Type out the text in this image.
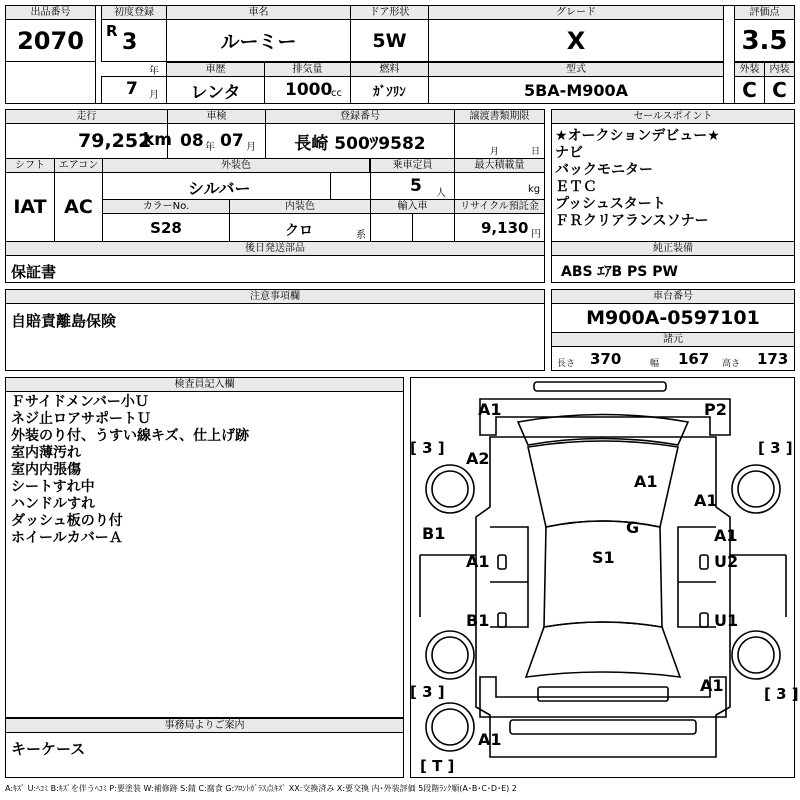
出品番号
2070
初度登録
R 3
年
7 月
車名
ルーミー
ドア形状
5W
グレード
X
評価点
3.5
車歴
レンタ
排気量
1000
cc
燃料
ｶﾞｿﾘﾝ
型式
5BA-M900A
外装	内装
C C
走行
79,252
km
車検
08 年 07 月
登録番号
長崎 500ﾂ9582
譲渡書類期限
月	日
シフト	エアコン
IAT AC
外装色
シルバー
乗車定員
5 人
最大積載量
kg
カラーNo.
S28
内装色
クロ	系
輸入車	リサイクル預託金
9,130 円
後日発送部品
保証書
セールスポイント
★オークションデビュー★
ナビ
バックモニター
ＥＴＣ
プッシュスタート
ＦＲクリアランスソナー
純正装備
ABS ｴｱB PS PW
注意事項欄
自賠責離島保険
車台番号
M900A-0597101
諸元
長さ 370	幅 167 高さ 173
検査員記入欄
Ｆサイドメンバー小Ｕ
ネジ止ロアサポートＵ
外装のり付、うすい線キズ、仕上げ跡
室内薄汚れ
室内内張傷
シートすれ中
ハンドルすれ
ダッシュ板のり付
ホイールカバーＡ
事務局よりご案内
キーケース
[ 3 ]	[ 3 ]
[ 3 ]	[ 3 ]
[ T ]
A1	P2
A2
A1
A1
B1	G	A1
A1	S1	U2
B1	U1
A1
A1
A:ｷｽﾞ U:ﾍｺﾐ B:ｷｽﾞを伴うﾍｺﾐ P:要塗装 W:補修跡 S:錆 C:腐食 G:ﾌﾛﾝﾄｶﾞﾗｽ点ｷｽﾞ XX:交換済み X:要交換 内･外装評価 5段階ﾗﾝｸ順(A･B･C･D･E) 2
